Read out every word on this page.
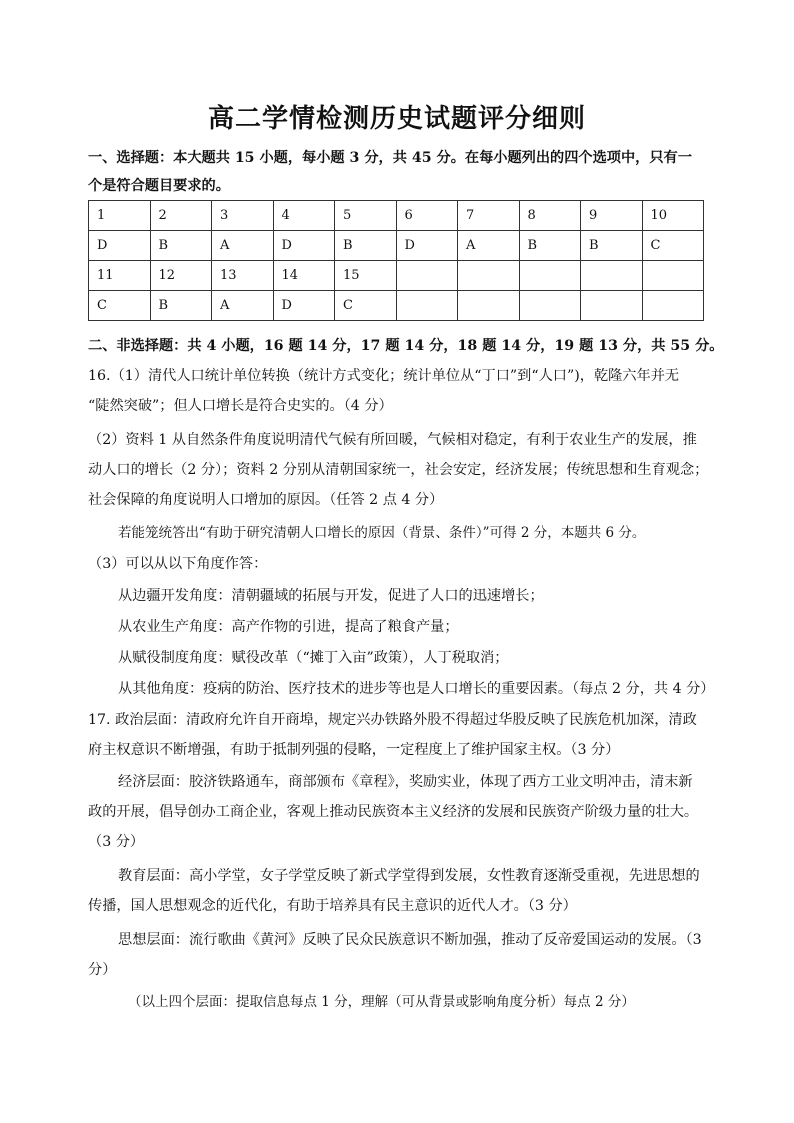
高二学情检测历史试题评分细则
一、选择题：本大题共 15 小题，每小题 3 分，共 45 分。在每小题列出的四个选项中，只有一
个是符合题目要求的。
1	2	3	4	5	6	7	8	9	10
D	B	A	D	B	D	A	B	B	C
11	12	13	14	15					
C	B	A	D	C					
二、非选择题：共 4 小题，16 题 14 分，17 题 14 分，18 题 14 分，19 题 13 分，共 55 分。
16.（1）清代人口统计单位转换（统计方式变化；统计单位从“丁口”到“人口”)，乾隆六年并无
“陡然突破”；但人口增长是符合史实的。（4 分）
（2）资料 1 从自然条件角度说明清代气候有所回暖，气候相对稳定，有利于农业生产的发展，推
动人口的增长（2 分）；资料 2 分别从清朝国家统一，社会安定，经济发展；传统思想和生育观念；
社会保障的角度说明人口增加的原因。（任答 2 点 4 分）
若能笼统答出“有助于研究清朝人口增长的原因（背景、条件）”可得 2 分，本题共 6 分。
（3）可以从以下角度作答：
从边疆开发角度：清朝疆域的拓展与开发，促进了人口的迅速增长；
从农业生产角度：高产作物的引进，提高了粮食产量；
从赋役制度角度：赋役改革（“摊丁入亩”政策），人丁税取消；
从其他角度：疫病的防治、医疗技术的进步等也是人口增长的重要因素。（每点 2 分，共 4 分）
17. 政治层面：清政府允许自开商埠，规定兴办铁路外股不得超过华股反映了民族危机加深，清政
府主权意识不断增强，有助于抵制列强的侵略，一定程度上了维护国家主权。（3 分）
经济层面：胶济铁路通车，商部颁布《章程》，奖励实业，体现了西方工业文明冲击，清末新
政的开展，倡导创办工商企业，客观上推动民族资本主义经济的发展和民族资产阶级力量的壮大。
（3 分）
教育层面：高小学堂，女子学堂反映了新式学堂得到发展，女性教育逐渐受重视，先进思想的
传播，国人思想观念的近代化，有助于培养具有民主意识的近代人才。（3 分）
思想层面：流行歌曲《黄河》反映了民众民族意识不断加强，推动了反帝爱国运动的发展。（3
分）
（以上四个层面：提取信息每点 1 分，理解（可从背景或影响角度分析）每点 2 分）
